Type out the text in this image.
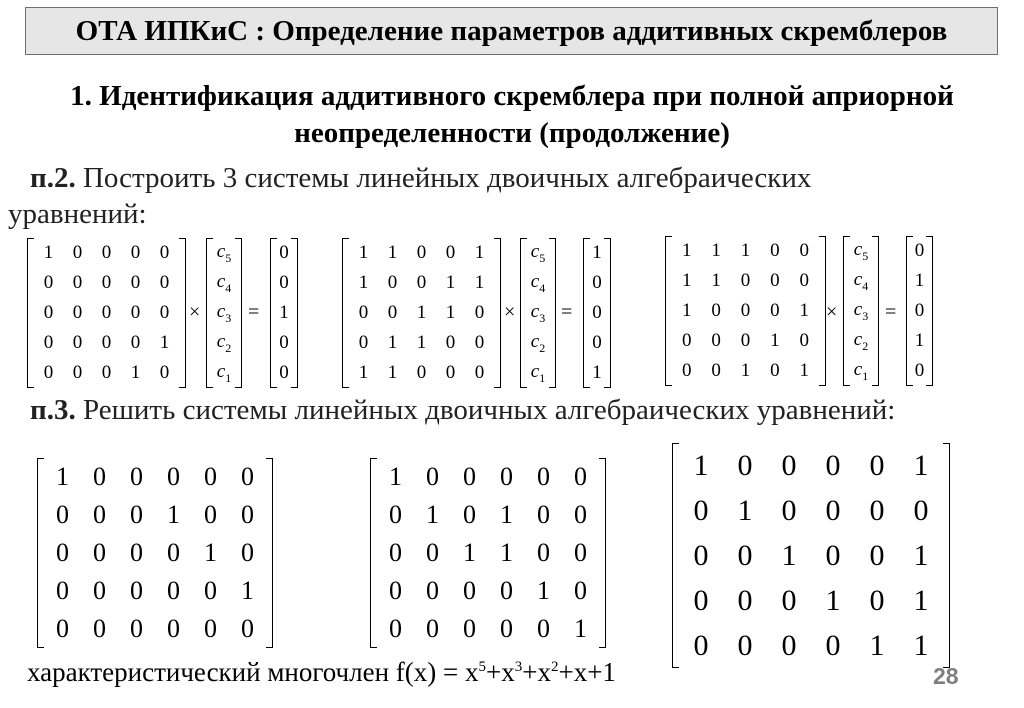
ОТА ИПКиС : Определение параметров аддитивных скремблеров
1. Идентификация аддитивного скремблера при полной априорной
неопределенности (продолжение)
п.2. Построить 3 системы линейных двоичных алгебраических
уравнений:
1 0 0 0 0
0 0 0 0 0
0 0 0 0 0
0 0 0 0 1
0 0 0 1 0
×
$c_5$
$c_4$
$c_3$
$c_2$
$c_1$
=
0
0
1
0
0
1 1 0 0 1
1 0 0 1 1
0 0 1 1 0
0 1 1 0 0
1 1 0 0 0
×
$c_5$
$c_4$
$c_3$
$c_2$
$c_1$
=
1
0
0
0
1
1 1 1 0 0
1 1 0 0 0
1 0 0 0 1
0 0 0 1 0
0 0 1 0 1
×
$c_5$
$c_4$
$c_3$
$c_2$
$c_1$
=
0
1
0
1
0
п.3. Решить системы линейных двоичных алгебраических уравнений:
1 0 0 0 0 0
0 0 0 1 0 0
0 0 0 0 1 0
0 0 0 0 0 1
0 0 0 0 0 0
1 0 0 0 0 0
0 1 0 1 0 0
0 0 1 1 0 0
0 0 0 0 1 0
0 0 0 0 0 1
1 0 0 0 0 1
0 1 0 0 0 0
0 0 1 0 0 1
0 0 0 1 0 1
0 0 0 0 1 1
характеристический многочлен $f(x) = x^5+x^3+x^2+x+1$	28
